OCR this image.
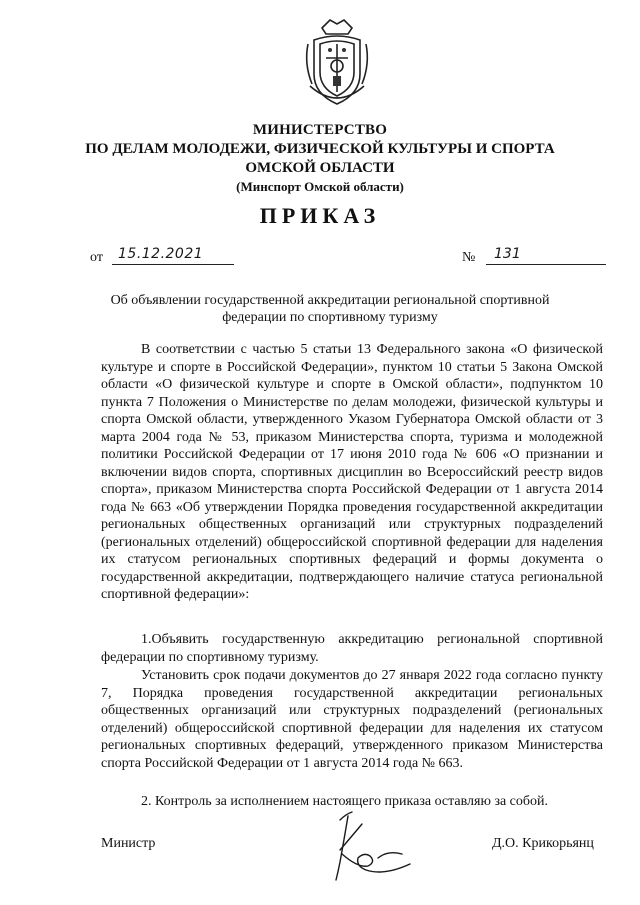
МИНИСТЕРСТВО
ПО ДЕЛАМ МОЛОДЕЖИ, ФИЗИЧЕСКОЙ КУЛЬТУРЫ И СПОРТА
ОМСКОЙ ОБЛАСТИ
(Минспорт Омской области)
ПРИКАЗ
от 15.12.2021	№ 131
Об объявлении государственной аккредитации региональной спортивной федерации по спортивному туризму
В соответствии с частью 5 статьи 13 Федерального закона «О физической культуре и спорте в Российской Федерации», пунктом 10 статьи 5 Закона Омской области «О физической культуре и спорте в Омской области», подпунктом 10 пункта 7 Положения о Министерстве по делам молодежи, физической культуры и спорта Омской области, утвержденного Указом Губернатора Омской области от 3 марта 2004 года № 53, приказом Министерства спорта, туризма и молодежной политики Российской Федерации от 17 июня 2010 года № 606 «О признании и включении видов спорта, спортивных дисциплин во Всероссийский реестр видов спорта», приказом Министерства спорта Российской Федерации от 1 августа 2014 года № 663 «Об утверждении Порядка проведения государственной аккредитации региональных общественных организаций или структурных подразделений (региональных отделений) общероссийской спортивной федерации для наделения их статусом региональных спортивных федераций и формы документа о государственной аккредитации, подтверждающего наличие статуса региональной спортивной федерации»:
1.Объявить государственную аккредитацию региональной спортивной федерации по спортивному туризму.
Установить срок подачи документов до 27 января 2022 года согласно пункту 7, Порядка проведения государственной аккредитации региональных общественных организаций или структурных подразделений (региональных отделений) общероссийской спортивной федерации для наделения их статусом региональных спортивных федераций, утвержденного приказом Министерства спорта Российской Федерации от 1 августа 2014 года № 663.
2. Контроль за исполнением настоящего приказа оставляю за собой.
Министр	Д.О. Крикорьянц
